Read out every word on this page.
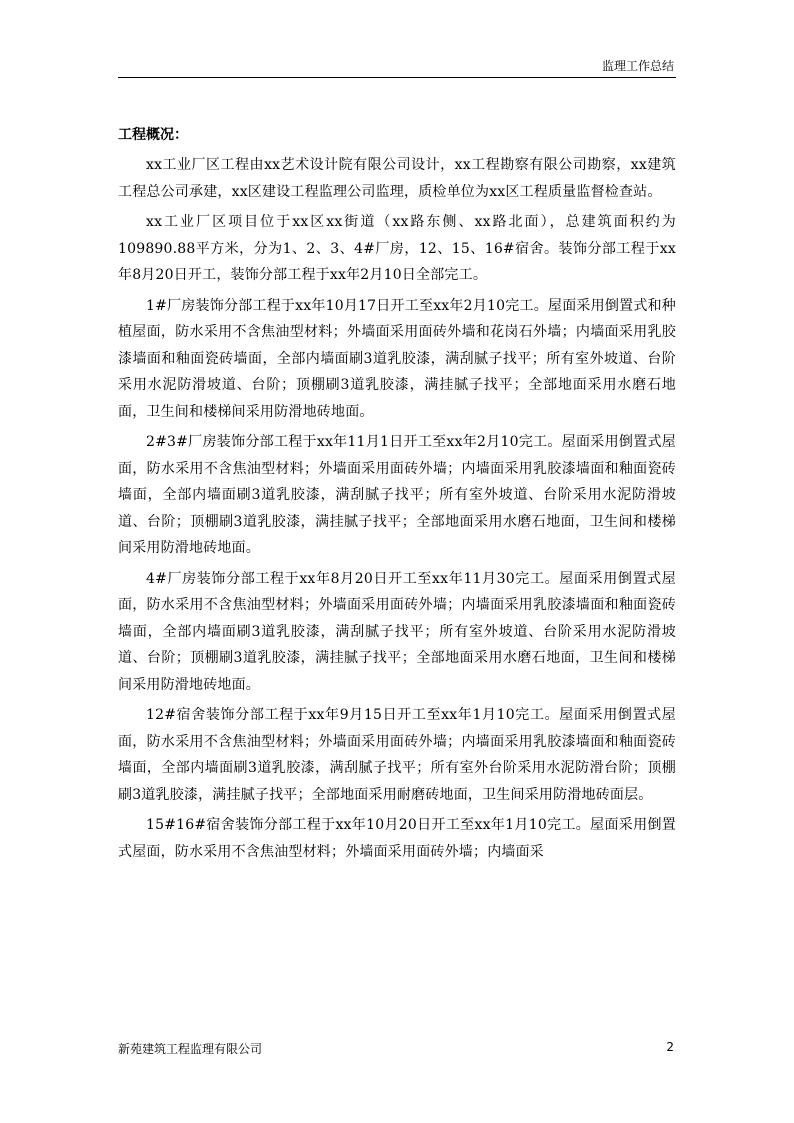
监理工作总结
工程概况：

xx工业厂区工程由xx艺术设计院有限公司设计，xx工程勘察有限公司勘察，xx建筑工程总公司承建，xx区建设工程监理公司监理，质检单位为xx区工程质量监督检查站。

xx工业厂区项目位于xx区xx街道（xx路东侧、xx路北面），总建筑面积约为109890.88平方米，分为1、2、3、4#厂房，12、15、16#宿舍。装饰分部工程于xx年8月20日开工，装饰分部工程于xx年2月10日全部完工。

1#厂房装饰分部工程于xx年10月17日开工至xx年2月10完工。屋面采用倒置式和种植屋面，防水采用不含焦油型材料；外墙面采用面砖外墙和花岗石外墙；内墙面采用乳胶漆墙面和釉面瓷砖墙面，全部内墙面刷3道乳胶漆，满刮腻子找平；所有室外坡道、台阶采用水泥防滑坡道、台阶；顶棚刷3道乳胶漆，满挂腻子找平；全部地面采用水磨石地面，卫生间和楼梯间采用防滑地砖地面。

2#3#厂房装饰分部工程于xx年11月1日开工至xx年2月10完工。屋面采用倒置式屋面，防水采用不含焦油型材料；外墙面采用面砖外墙；内墙面采用乳胶漆墙面和釉面瓷砖墙面，全部内墙面刷3道乳胶漆，满刮腻子找平；所有室外坡道、台阶采用水泥防滑坡道、台阶；顶棚刷3道乳胶漆，满挂腻子找平；全部地面采用水磨石地面，卫生间和楼梯间采用防滑地砖地面。

4#厂房装饰分部工程于xx年8月20日开工至xx年11月30完工。屋面采用倒置式屋面，防水采用不含焦油型材料；外墙面采用面砖外墙；内墙面采用乳胶漆墙面和釉面瓷砖墙面，全部内墙面刷3道乳胶漆，满刮腻子找平；所有室外坡道、台阶采用水泥防滑坡道、台阶；顶棚刷3道乳胶漆，满挂腻子找平；全部地面采用水磨石地面，卫生间和楼梯间采用防滑地砖地面。

12#宿舍装饰分部工程于xx年9月15日开工至xx年1月10完工。屋面采用倒置式屋面，防水采用不含焦油型材料；外墙面采用面砖外墙；内墙面采用乳胶漆墙面和釉面瓷砖墙面，全部内墙面刷3道乳胶漆，满刮腻子找平；所有室外台阶采用水泥防滑台阶；顶棚刷3道乳胶漆，满挂腻子找平；全部地面采用耐磨砖地面，卫生间采用防滑地砖面层。

15#16#宿舍装饰分部工程于xx年10月20日开工至xx年1月10完工。屋面采用倒置式屋面，防水采用不含焦油型材料；外墙面采用面砖外墙；内墙面采

新苑建筑工程监理有限公司	2
